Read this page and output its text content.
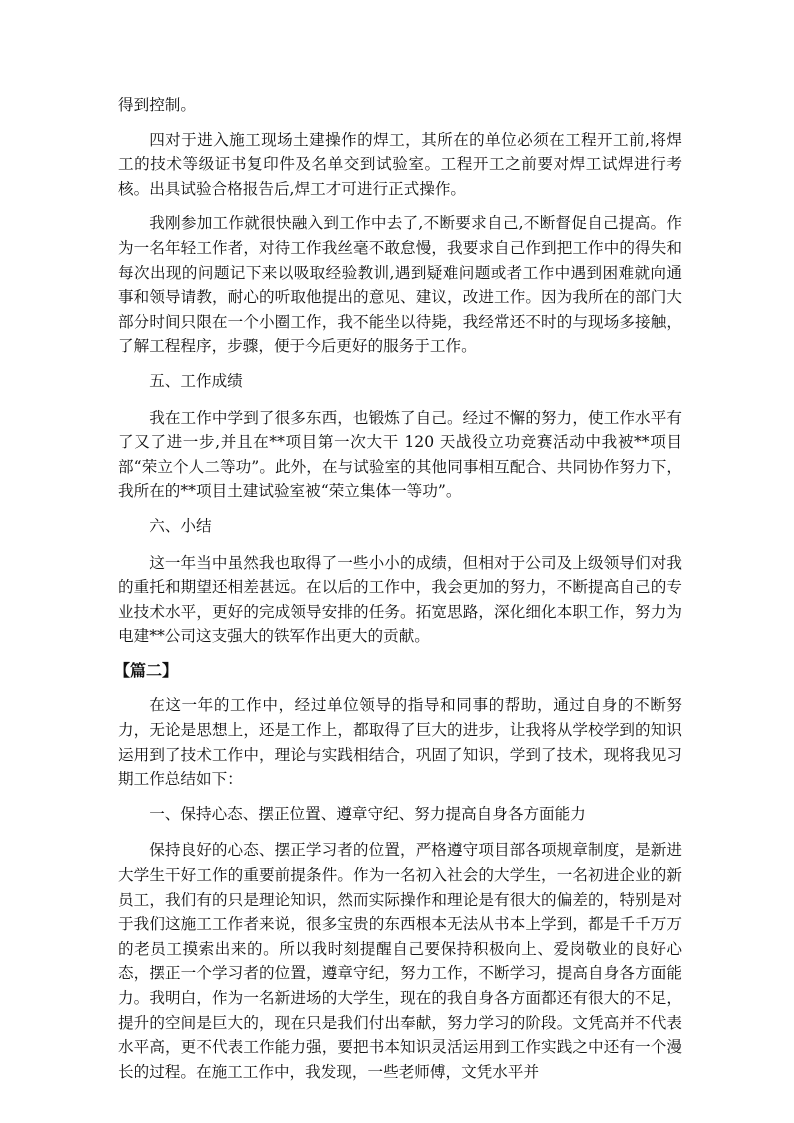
得到控制。

四对于进入施工现场土建操作的焊工，其所在的单位必须在工程开工前,将焊工的技术等级证书复印件及名单交到试验室。工程开工之前要对焊工试焊进行考核。出具试验合格报告后,焊工才可进行正式操作。

我刚参加工作就很快融入到工作中去了,不断要求自己,不断督促自己提高。作为一名年轻工作者，对待工作我丝毫不敢怠慢，我要求自己作到把工作中的得失和每次出现的问题记下来以吸取经验教训,遇到疑难问题或者工作中遇到困难就向通事和领导请教，耐心的听取他提出的意见、建议，改进工作。因为我所在的部门大部分时间只限在一个小圈工作，我不能坐以待毙，我经常还不时的与现场多接触，了解工程程序，步骤，便于今后更好的服务于工作。

五、工作成绩

我在工作中学到了很多东西，也锻炼了自己。经过不懈的努力，使工作水平有了又了进一步,并且在**项目第一次大干 120 天战役立功竞赛活动中我被**项目部“荣立个人二等功”。此外，在与试验室的其他同事相互配合、共同协作努力下，我所在的**项目土建试验室被“荣立集体一等功”。

六、小结

这一年当中虽然我也取得了一些小小的成绩，但相对于公司及上级领导们对我的重托和期望还相差甚远。在以后的工作中，我会更加的努力，不断提高自己的专业技术水平，更好的完成领导安排的任务。拓宽思路，深化细化本职工作，努力为电建**公司这支强大的铁军作出更大的贡献。

【篇二】

在这一年的工作中，经过单位领导的指导和同事的帮助，通过自身的不断努力，无论是思想上，还是工作上，都取得了巨大的进步，让我将从学校学到的知识运用到了技术工作中，理论与实践相结合，巩固了知识，学到了技术，现将我见习期工作总结如下：

一、保持心态、摆正位置、遵章守纪、努力提高自身各方面能力

保持良好的心态、摆正学习者的位置，严格遵守项目部各项规章制度，是新进大学生干好工作的重要前提条件。作为一名初入社会的大学生，一名初进企业的新员工，我们有的只是理论知识，然而实际操作和理论是有很大的偏差的，特别是对于我们这施工工作者来说，很多宝贵的东西根本无法从书本上学到，都是千千万万的老员工摸索出来的。所以我时刻提醒自己要保持积极向上、爱岗敬业的良好心态，摆正一个学习者的位置，遵章守纪，努力工作，不断学习，提高自身各方面能力。我明白，作为一名新进场的大学生，现在的我自身各方面都还有很大的不足，提升的空间是巨大的，现在只是我们付出奉献，努力学习的阶段。文凭高并不代表水平高，更不代表工作能力强，要把书本知识灵活运用到工作实践之中还有一个漫长的过程。在施工工作中，我发现，一些老师傅，文凭水平并
